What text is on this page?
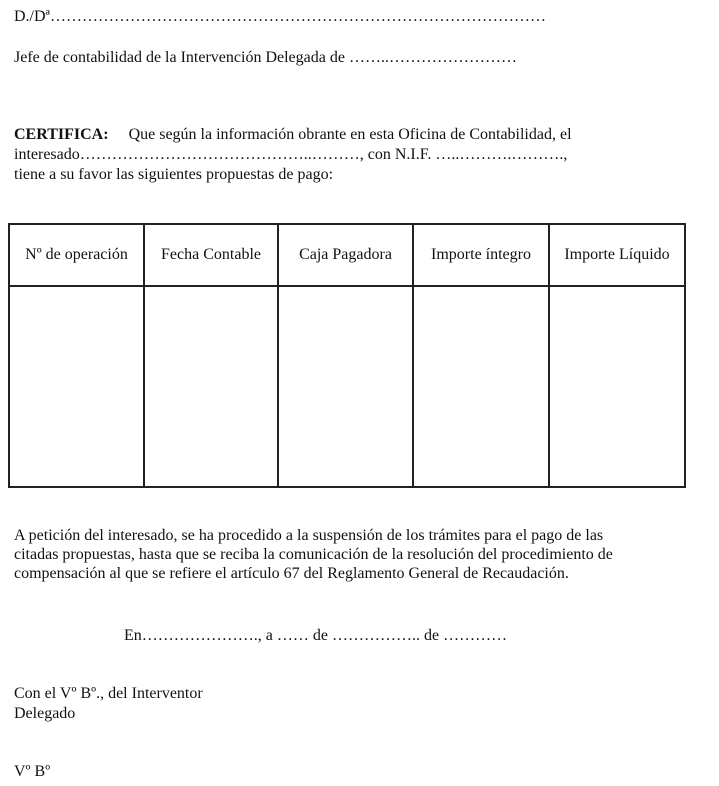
D./Dª…………………………………………………………………………………
Jefe de contabilidad de la Intervención Delegada de ……..……………………
CERTIFICA: Que según la información obrante en esta Oficina de Contabilidad, el
interesado……………………………………..………, con N.I.F. …..……….……….,
tiene a su favor las siguientes propuestas de pago:
Nº de operación	Fecha Contable	Caja Pagadora	Importe íntegro	Importe Líquido

A petición del interesado, se ha procedido a la suspensión de los trámites para el pago de las
citadas propuestas, hasta que se reciba la comunicación de la resolución del procedimiento de
compensación al que se refiere el artículo 67 del Reglamento General de Recaudación.
En…………………., a …… de …………….. de …………
Con el Vº Bº., del Interventor
Delegado
Vº Bº
